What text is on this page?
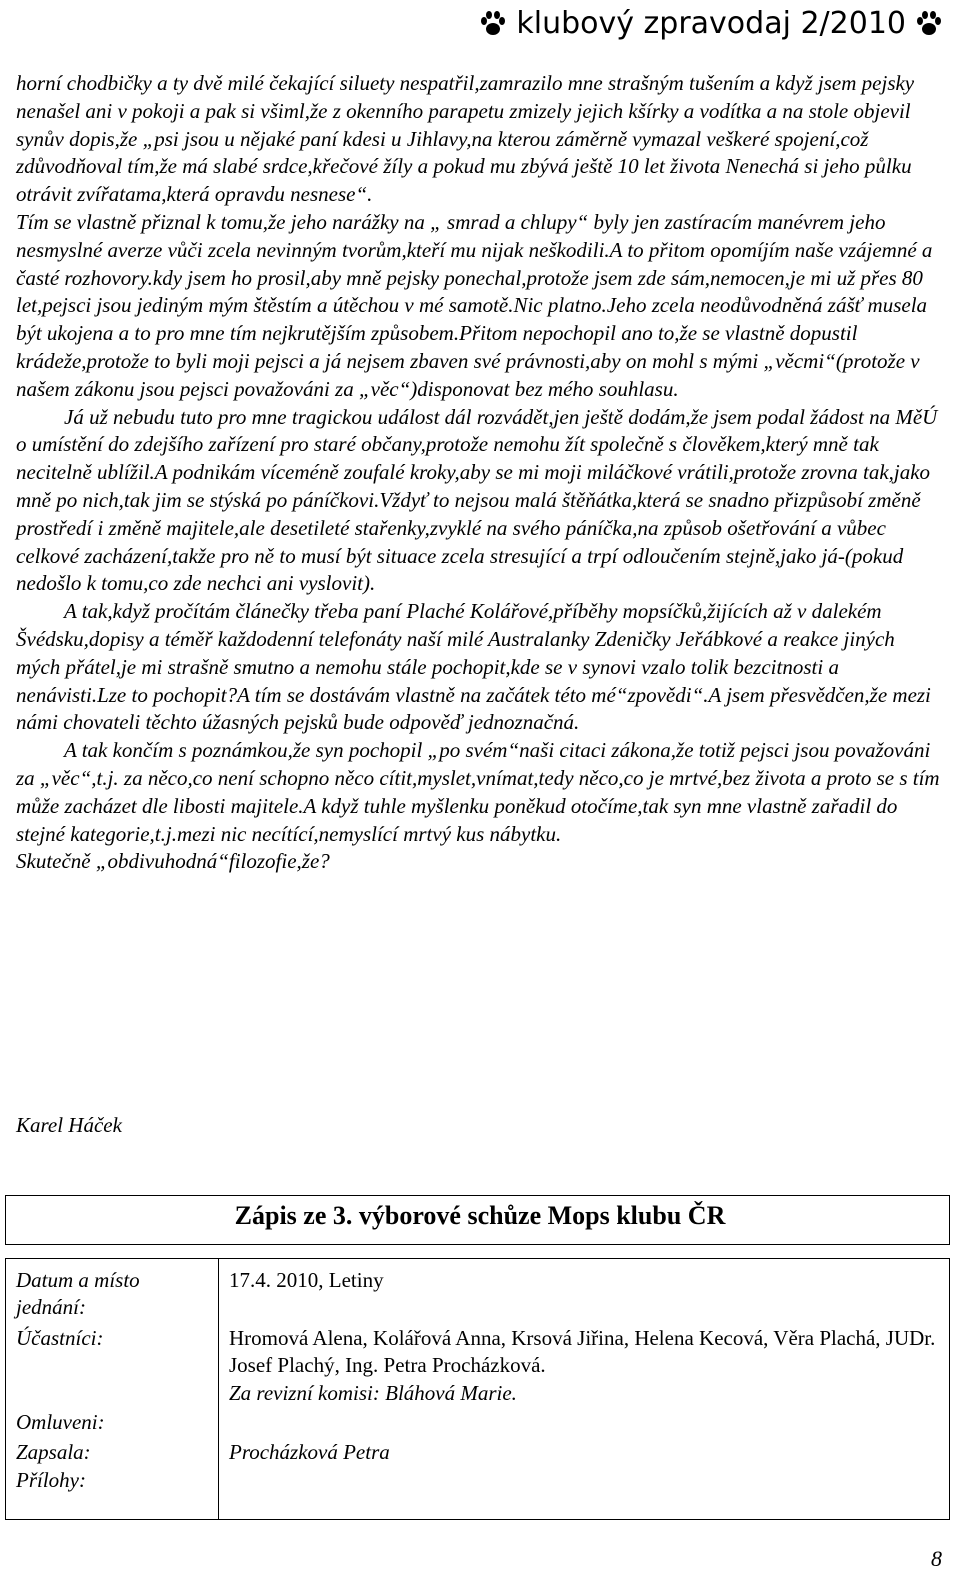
klubový zpravodaj 2/2010

horní chodbičky a ty dvě milé čekající siluety nespatřil,zamrazilo mne strašným tušením a když jsem pejsky nenašel ani v pokoji a pak si všiml,že z okenního parapetu zmizely jejich kšírky a vodítka a na stole objevil synův dopis,že „psi jsou u nějaké paní kdesi u Jihlavy,na kterou záměrně vymazal veškeré spojení,což zdůvodňoval tím,že má slabé srdce,křečové žíly a pokud mu zbývá ještě 10 let života Nenechá si jeho půlku otrávit zvířatama,která opravdu nesnese“.

Tím se vlastně přiznal k tomu,že jeho narážky na „ smrad a chlupy“ byly jen zastíracím manévrem jeho nesmyslné averze vůči zcela nevinným tvorům,kteří mu nijak neškodili.A to přitom opomíjím naše vzájemné a časté rozhovory.kdy jsem ho prosil,aby mně pejsky ponechal,protože jsem zde sám,nemocen,je mi už přes 80 let,pejsci jsou jediným mým štěstím a útěchou v mé samotě.Nic platno.Jeho zcela neodůvodněná zášť musela být ukojena a to pro mne tím nejkrutějším způsobem.Přitom nepochopil ano to,že se vlastně dopustil krádeže,protože to byli moji pejsci a já nejsem zbaven své právnosti,aby on mohl s mými „věcmi“(protože v našem zákonu jsou pejsci považováni za „věc“)disponovat bez mého souhlasu.

Já už nebudu tuto pro mne tragickou událost dál rozvádět,jen ještě dodám,že jsem podal žádost na MěÚ o umístění do zdejšího zařízení pro staré občany,protože nemohu žít společně s člověkem,který mně tak necitelně ublížil.A podnikám víceméně zoufalé kroky,aby se mi moji miláčkové vrátili,protože zrovna tak,jako mně po nich,tak jim se stýská po páníčkovi.Vždyť to nejsou malá štěňátka,která se snadno přizpůsobí změně prostředí i změně majitele,ale desetileté stařenky,zvyklé na svého páníčka,na způsob ošetřování a vůbec celkové zacházení,takže pro ně to musí být situace zcela stresující a trpí odloučením stejně,jako já-(pokud nedošlo k tomu,co zde nechci ani vyslovit).

A tak,když pročítám článečky třeba paní Plaché Kolářové,příběhy mopsíčků,žijících až v dalekém Švédsku,dopisy a téměř každodenní telefonáty naší milé Australanky Zdeničky Jeřábkové a reakce jiných mých přátel,je mi strašně smutno a nemohu stále pochopit,kde se v synovi vzalo tolik bezcitnosti a nenávisti.Lze to pochopit?A tím se dostávám vlastně na začátek této mé“zpovědi“.A jsem přesvědčen,že mezi námi chovateli těchto úžasných pejsků bude odpověď jednoznačná.

A tak končím s poznámkou,že syn pochopil „po svém“naši citaci zákona,že totiž pejsci jsou považováni za „věc“,t.j. za něco,co není schopno něco cítit,myslet,vnímat,tedy něco,co je mrtvé,bez života a proto se s tím může zacházet dle libosti majitele.A když tuhle myšlenku poněkud otočíme,tak syn mne vlastně zařadil do stejné kategorie,t.j.mezi nic necítící,nemyslící mrtvý kus nábytku.

Skutečně „obdivuhodná“filozofie,že?

Karel Háček
Zápis ze 3. výborové schůze Mops klubu ČR
Datum a místo jednání:
17.4. 2010, Letiny
Účastníci:	Hromová Alena, Kolářová Anna, Krsová Jiřina, Helena Kecová, Věra Plachá, JUDr. Josef Plachý, Ing. Petra Procházková.
Za revizní komisi: Bláhová Marie.
Omluveni:
Zapsala:	Procházková Petra
Přílohy:
8
